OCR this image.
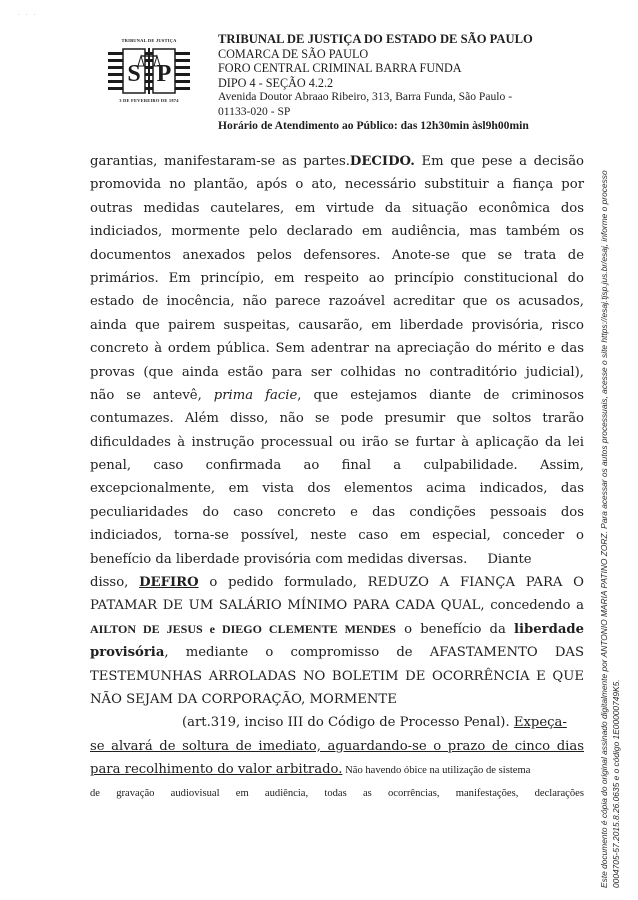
· · ·
TRIBUNAL DE JUSTIÇA
S P
3 DE FEVEREIRO DE 1874
TRIBUNAL DE JUSTIÇA DO ESTADO DE SÃO PAULO
COMARCA DE SÃO PAULO
FORO CENTRAL CRIMINAL BARRA FUNDA
DIPO 4 - SEÇÃO 4.2.2
Avenida Doutor Abraao Ribeiro, 313, Barra Funda, São Paulo -
01133-020 - SP
Horário de Atendimento ao Público: das 12h30min àsl9h00min
garantias, manifestaram-se as partes.DECIDO. Em que pese a decisão
promovida no plantão, após o ato, necessário substituir a fiança por
outras medidas cautelares, em virtude da situação econômica dos
indiciados, mormente pelo declarado em audiência, mas também os
documentos anexados pelos defensores. Anote-se que se trata de
primários. Em princípio, em respeito ao princípio constitucional do
estado de inocência, não parece razoável acreditar que os acusados,
ainda que pairem suspeitas, causarão, em liberdade provisória, risco
concreto à ordem pública. Sem adentrar na apreciação do mérito e das
provas (que ainda estão para ser colhidas no contraditório judicial),
não se antevê, prima facie, que estejamos diante de criminosos
contumazes. Além disso, não se pode presumir que soltos trarão
dificuldades à instrução processual ou irão se furtar à aplicação da lei
penal, caso confirmada ao final a culpabilidade. Assim,
excepcionalmente, em vista dos elementos acima indicados, das
peculiaridades do caso concreto e das condições pessoais dos
indiciados, torna-se possível, neste caso em especial, conceder o
benefício da liberdade provisória com medidas diversas. Diante
disso, DEFIRO o pedido formulado, REDUZO A FIANÇA PARA O
PATAMAR DE UM SALÁRIO MÍNIMO PARA CADA QUAL, concedendo a
AILTON DE JESUS e DIEGO CLEMENTE MENDES o benefício da liberdade
provisória, mediante o compromisso de AFASTAMENTO DAS
TESTEMUNHAS ARROLADAS NO BOLETIM DE OCORRÊNCIA E QUE
NÃO SEJAM DA CORPORAÇÃO, MORMENTE
(art.319, inciso III do Código de Processo Penal). Expeça-
se alvará de soltura de imediato, aguardando-se o prazo de cinco dias
para recolhimento do valor arbitrado. Não havendo óbice na utilização de sistema
de gravação audiovisual em audiência, todas as ocorrências, manifestações, declarações Este documento é cópia do original assinado digitalmente por ANTONIO MARIA PATINO ZORZ. Para acessar os autos processuais, acesse o site https://esaj.tjsp.jus.br/esaj, informe o processo 0004705-57.2015.8.26.0635 e o código 1E00000749K5.
